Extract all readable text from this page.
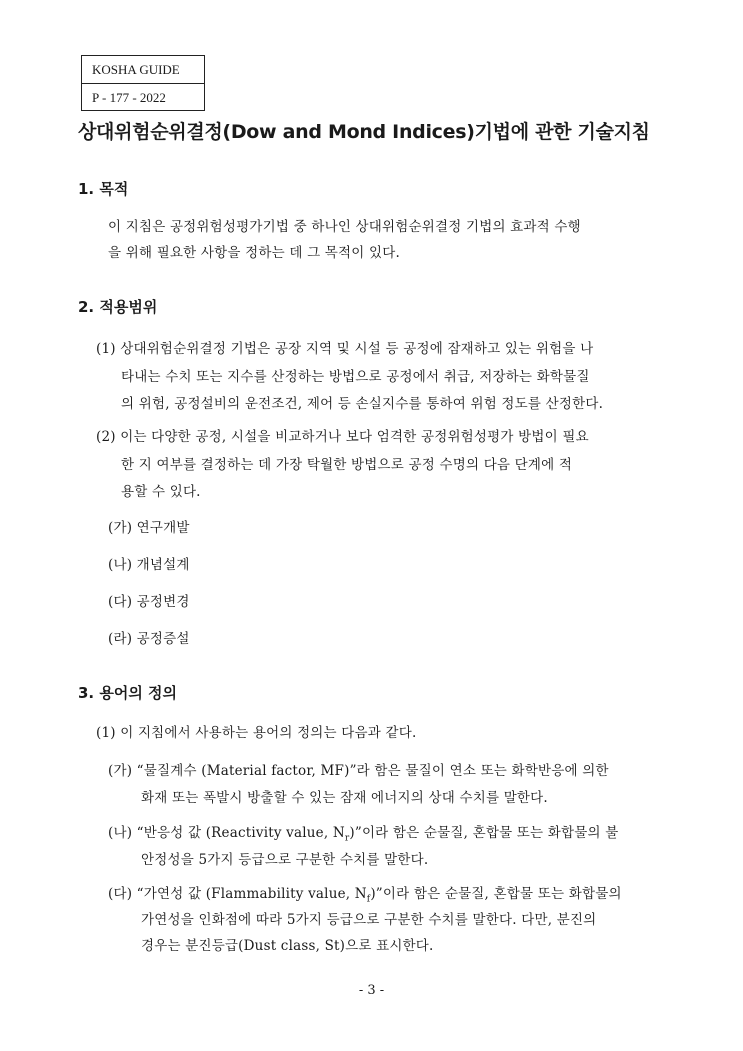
KOSHA GUIDE
P - 177 - 2022
상대위험순위결정(Dow and Mond Indices)기법에 관한 기술지침
1. 목적
이 지침은 공정위험성평가기법 중 하나인 상대위험순위결정 기법의 효과적 수행
을 위해 필요한 사항을 정하는 데 그 목적이 있다.
2. 적용범위
(1) 상대위험순위결정 기법은 공장 지역 및 시설 등 공정에 잠재하고 있는 위험을 나
타내는 수치 또는 지수를 산정하는 방법으로 공정에서 취급, 저장하는 화학물질
의 위험, 공정설비의 운전조건, 제어 등 손실지수를 통하여 위험 정도를 산정한다.
(2) 이는 다양한 공정, 시설을 비교하거나 보다 엄격한 공정위험성평가 방법이 필요
한 지 여부를 결정하는 데 가장 탁월한 방법으로 공정 수명의 다음 단계에 적
용할 수 있다.
(가) 연구개발
(나) 개념설계
(다) 공정변경
(라) 공정증설
3. 용어의 정의
(1) 이 지침에서 사용하는 용어의 정의는 다음과 같다.
(가) “물질계수 (Material factor, MF)”라 함은 물질이 연소 또는 화학반응에 의한
화재 또는 폭발시 방출할 수 있는 잠재 에너지의 상대 수치를 말한다.
(나) “반응성 값 (Reactivity value, $N_r$)”이라 함은 순물질, 혼합물 또는 화합물의 불
안정성을 5가지 등급으로 구분한 수치를 말한다.
(다) “가연성 값 (Flammability value, $N_f$)”이라 함은 순물질, 혼합물 또는 화합물의
가연성을 인화점에 따라 5가지 등급으로 구분한 수치를 말한다. 다만, 분진의
경우는 분진등급(Dust class, St)으로 표시한다.
- 3 -
